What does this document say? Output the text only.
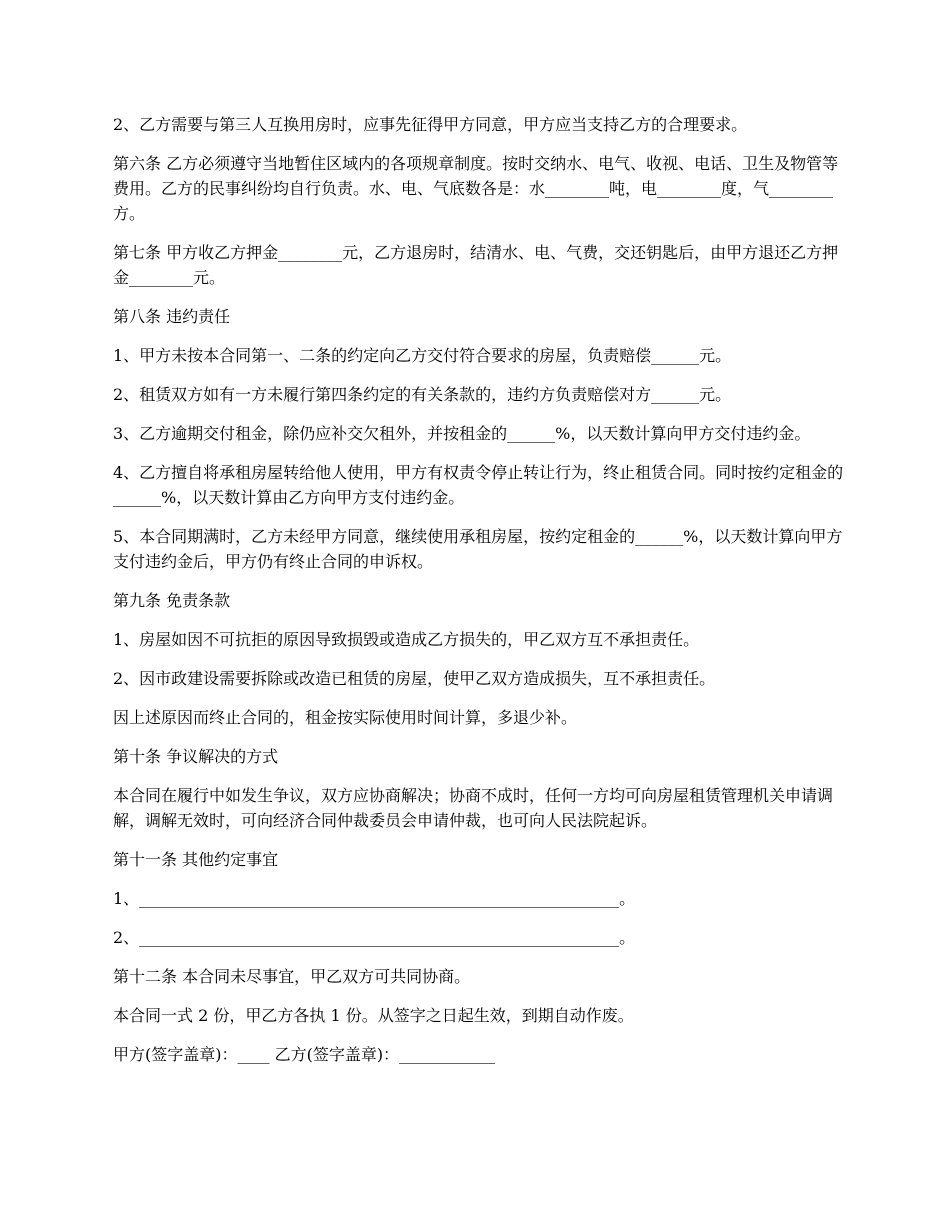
2、乙方需要与第三人互换用房时，应事先征得甲方同意，甲方应当支持乙方的合理要求。

第六条 乙方必须遵守当地暂住区域内的各项规章制度。按时交纳水、电气、收视、电话、卫生及物管等费用。乙方的民事纠纷均自行负责。水、电、气底数各是：水________吨，电________度，气________方。

第七条 甲方收乙方押金________元，乙方退房时，结清水、电、气费，交还钥匙后，由甲方退还乙方押金________元。

第八条 违约责任

1、甲方未按本合同第一、二条的约定向乙方交付符合要求的房屋，负责赔偿______元。

2、租赁双方如有一方未履行第四条约定的有关条款的，违约方负责赔偿对方______元。

3、乙方逾期交付租金，除仍应补交欠租外，并按租金的______%，以天数计算向甲方交付违约金。

4、乙方擅自将承租房屋转给他人使用，甲方有权责令停止转让行为，终止租赁合同。同时按约定租金的______%，以天数计算由乙方向甲方支付违约金。

5、本合同期满时，乙方未经甲方同意，继续使用承租房屋，按约定租金的______%，以天数计算向甲方支付违约金后，甲方仍有终止合同的申诉权。

第九条 免责条款

1、房屋如因不可抗拒的原因导致损毁或造成乙方损失的，甲乙双方互不承担责任。

2、因市政建设需要拆除或改造已租赁的房屋，使甲乙双方造成损失，互不承担责任。

因上述原因而终止合同的，租金按实际使用时间计算，多退少补。

第十条 争议解决的方式

本合同在履行中如发生争议，双方应协商解决；协商不成时，任何一方均可向房屋租赁管理机关申请调解，调解无效时，可向经济合同仲裁委员会申请仲裁，也可向人民法院起诉。

第十一条 其他约定事宜

1、____________________________________________________________。

2、____________________________________________________________。

第十二条 本合同未尽事宜，甲乙双方可共同协商。

本合同一式 2 份，甲乙方各执 1 份。从签字之日起生效，到期自动作废。

甲方(签字盖章)：____ 乙方(签字盖章)：____________
